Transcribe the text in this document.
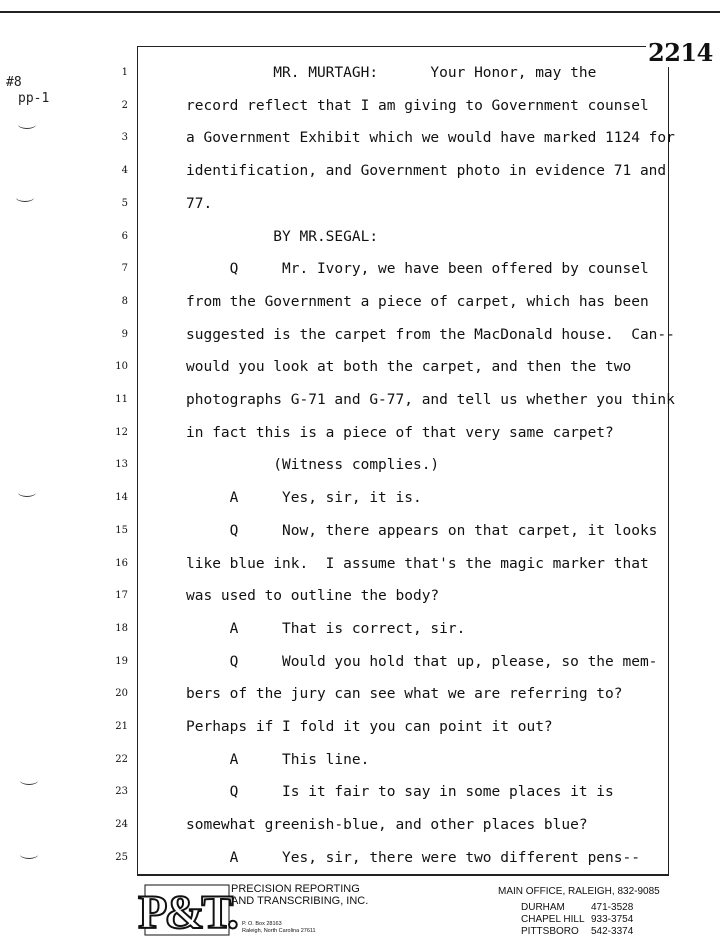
#8
pp-1
2214
1	MR. MURTAGH:      Your Honor, may the
2	record reflect that I am giving to Government counsel
3	a Government Exhibit which we would have marked 1124 for
4	identification, and Government photo in evidence 71 and
5	77.
6	BY MR.SEGAL:
7	Q     Mr. Ivory, we have been offered by counsel
8	from the Government a piece of carpet, which has been
9	suggested is the carpet from the MacDonald house.  Can--
10	would you look at both the carpet, and then the two
11	photographs G-71 and G-77, and tell us whether you think
12	in fact this is a piece of that very same carpet?
13	(Witness complies.)
14	A     Yes, sir, it is.
15	Q     Now, there appears on that carpet, it looks
16	like blue ink.  I assume that's the magic marker that
17	was used to outline the body?
18	A     That is correct, sir.
19	Q     Would you hold that up, please, so the mem-
20	bers of the jury can see what we are referring to?
21	Perhaps if I fold it you can point it out?
22	A     This line.
23	Q     Is it fair to say in some places it is
24	somewhat greenish-blue, and other places blue?
25	A     Yes, sir, there were two different pens--
P&T.
PRECISION REPORTING
AND TRANSCRIBING, INC.
P. O. Box 28163
Raleigh, North Carolina 27611
MAIN OFFICE, RALEIGH, 832-9085
DURHAM	471-3528
CHAPEL HILL 933-3754
PITTSBORO 542-3374
